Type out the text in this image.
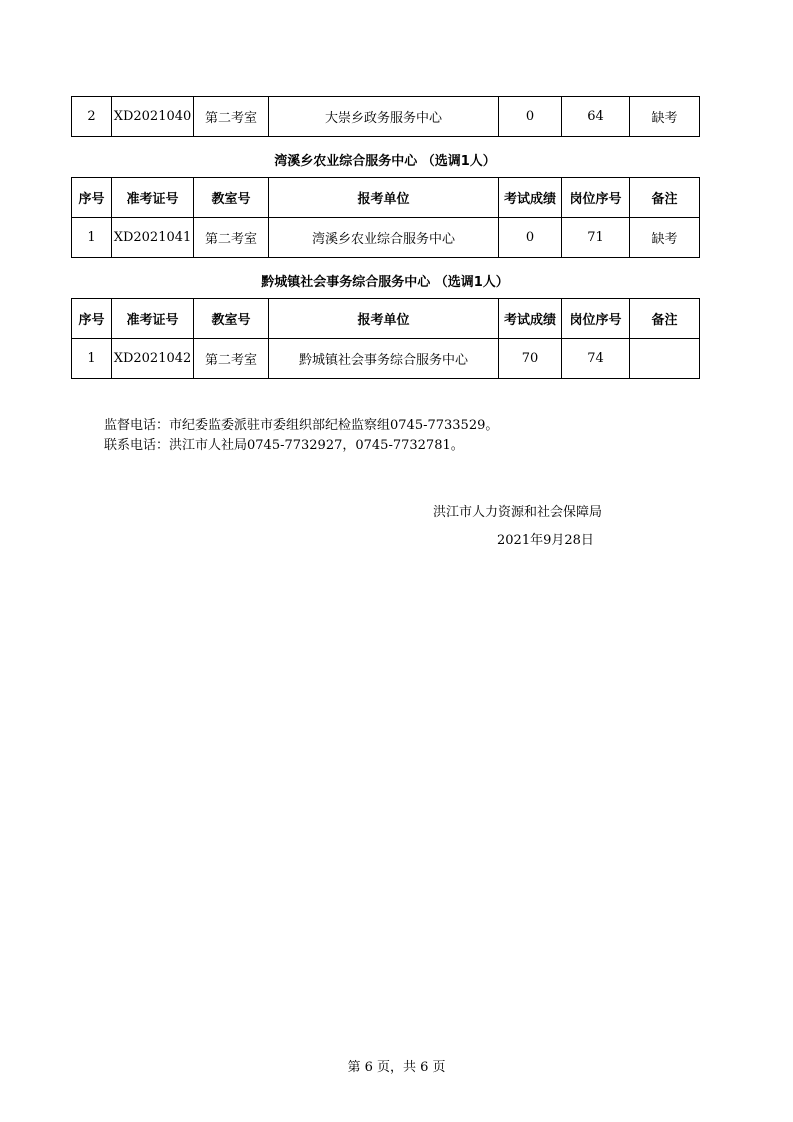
2	XD2021040	第二考室	大崇乡政务服务中心	0	64	缺考
湾溪乡农业综合服务中心 （选调1人）
序号	准考证号	教室号	报考单位	考试成绩	岗位序号	备注
1	XD2021041	第二考室	湾溪乡农业综合服务中心	0	71	缺考
黔城镇社会事务综合服务中心 （选调1人）
序号	准考证号	教室号	报考单位	考试成绩	岗位序号	备注
1	XD2021042	第二考室	黔城镇社会事务综合服务中心	70	74	
监督电话：市纪委监委派驻市委组织部纪检监察组0745-7733529。
联系电话：洪江市人社局0745-7732927，0745-7732781。
洪江市人力资源和社会保障局
2021年9月28日
第 6 页，共 6 页
